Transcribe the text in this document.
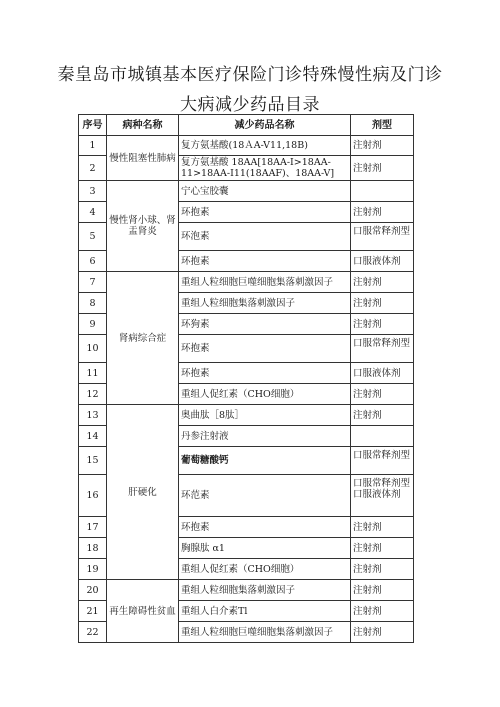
秦皇岛市城镇基本医疗保险门诊特殊慢性病及门诊
大病减少药品目录
序号	病种名称	减少药品名称	剂型
1	慢性阻塞性肺病	复方氨基酸(18ＡA-V11,18B)	注射剂
2		复方氨基酸 18AA[18AA-I>18AA-11>18AA-I11(18AAF)、18AA-V]	注射剂
3	慢性肾小球、肾盂肾炎	宁心宝胶囊	
4		环抱素	注射剂
5		环泡素	口服常释剂型
6		环抱素	口服液体剂
7	肾病综合症	重组人粒细胞巨噬细胞集落刺激因子	注射剂
8		重组人粒细胞集落刺激因子	注射剂
9		环狗素	注射剂
10		环抱素	口服常释剂型
11		环抱素	口服液体剂
12		重组人促红素（CHO细胞）	注射剂
13	肝硬化	奥曲肽［8肽］	注射剂
14		丹参注射液	
15		葡萄糖酸钙	口服常释剂型
16		环范素	口服常释剂型
口服液体剂
17		环抱素	注射剂
18		胸腺肽 α1	注射剂
19		重组人促红素（CHO细胞）	注射剂
20	再生障碍性贫血	重组人粒细胞集落刺激因子	注射剂
21		重组人白介素Tl	注射剂
22		重组人粒细胞巨噬细胞集落刺激因子	注射剂
